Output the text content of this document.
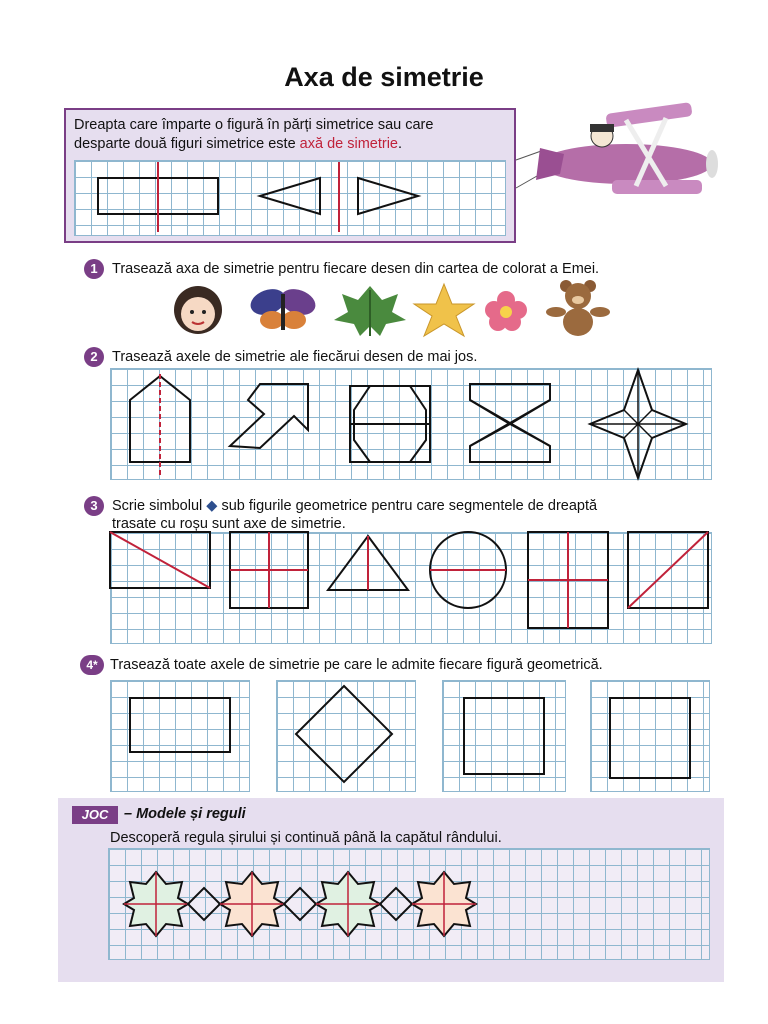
Axa de simetrie
Dreapta care împarte o figură în părți simetrice sau care
desparte două figuri simetrice este axă de simetrie.
1 Trasează axa de simetrie pentru fiecare desen din cartea de colorat a Emei.
2 Trasează axele de simetrie ale fiecărui desen de mai jos.
3 Scrie simbolul ◆ sub figurile geometrice pentru care segmentele de dreaptă
trasate cu roșu sunt axe de simetrie.
4* Trasează toate axele de simetrie pe care le admite fiecare figură geometrică.
JOC	– Modele și reguli
Descoperă regula șirului și continuă până la capătul rândului.
